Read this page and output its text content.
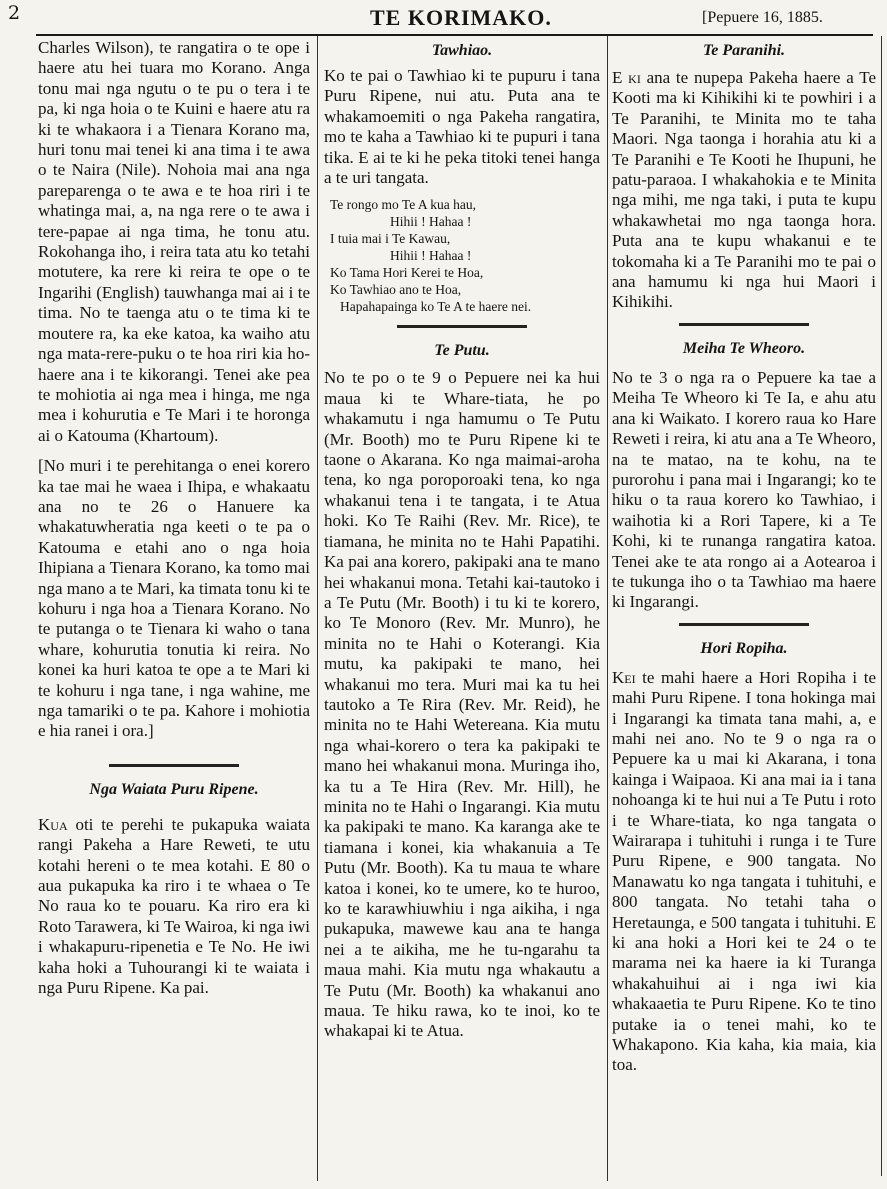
2	TE KORIMAKO.	[Pepuere 16, 1885.

Charles Wilson), te rangatira o te ope i haere atu hei tuara mo Korano. Anga tonu mai nga ngutu o te pu o tera i te pa, ki nga hoia o te Kuini e haere atu ra ki te whakaora i a Tienara Korano ma, huri tonu mai tenei ki ana tima i te awa o te Naira (Nile). Nohoia mai ana nga pareparenga o te awa e te hoa riri i te whatinga mai, a, na nga rere o te awa i tere-papae ai nga tima, he tonu atu. Rokohanga iho, i reira tata atu ko tetahi motutere, ka rere ki reira te ope o te Ingarihi (English) tauwhanga mai ai i te tima. No te taenga atu o te tima ki te moutere ra, ka eke katoa, ka waiho atu nga mata-rere-puku o te hoa riri kia ho-haere ana i te kikorangi. Tenei ake pea te mohiotia ai nga mea i hinga, me nga mea i kohurutia e Te Mari i te horonga ai o Katouma (Khartoum).

[No muri i te perehitanga o enei korero ka tae mai he waea i Ihipa, e whakaatu ana no te 26 o Hanuere ka whakatuwheratia nga keeti o te pa o Katouma e etahi ano o nga hoia Ihipiana a Tienara Korano, ka tomo mai nga mano a te Mari, ka timata tonu ki te kohuru i nga hoa a Tienara Korano. No te putanga o te Tienara ki waho o tana whare, kohurutia tonutia ki reira. No konei ka huri katoa te ope a te Mari ki te kohuru i nga tane, i nga wahine, me nga tamariki o te pa. Kahore i mohiotia e hia ranei i ora.]

Nga Waiata Puru Ripene.

Kua oti te perehi te pukapuka waiata rangi Pakeha a Hare Reweti, te utu kotahi hereni o te mea kotahi. E 80 o aua pukapuka ka riro i te whaea o Te No raua ko te pouaru. Ka riro era ki Roto Tarawera, ki Te Wairoa, ki nga iwi i whakapuru-ripenetia e Te No. He iwi kaha hoki a Tuhourangi ki te waiata i nga Puru Ripene. Ka pai.

Tawhiao.

Ko te pai o Tawhiao ki te pupuru i tana Puru Ripene, nui atu. Puta ana te whakamoemiti o nga Pakeha rangatira, mo te kaha a Tawhiao ki te pupuri i tana tika. E ai te ki he peka titoki tenei hanga a te uri tangata.

Te rongo mo Te A kua hau,
Hihii ! Hahaa !
I tuia mai i Te Kawau,
Hihii ! Hahaa !
Ko Tama Hori Kerei te Hoa,
Ko Tawhiao ano te Hoa,
Hapahapainga ko Te A te haere nei.
Te Putu.

No te po o te 9 o Pepuere nei ka hui maua ki te Whare-tiata, he po whakamutu i nga hamumu o Te Putu (Mr. Booth) mo te Puru Ripene ki te taone o Akarana. Ko nga maimai-aroha tena, ko nga poroporoaki tena, ko nga whakanui tena i te tangata, i te Atua hoki. Ko Te Raihi (Rev. Mr. Rice), te tiamana, he minita no te Hahi Papatihi. Ka pai ana korero, pakipaki ana te mano hei whakanui mona. Tetahi kai-tautoko i a Te Putu (Mr. Booth) i tu ki te korero, ko Te Monoro (Rev. Mr. Munro), he minita no te Hahi o Koterangi. Kia mutu, ka pakipaki te mano, hei whakanui mo tera. Muri mai ka tu hei tautoko a Te Rira (Rev. Mr. Reid), he minita no te Hahi Wetereana. Kia mutu nga whai-korero o tera ka pakipaki te mano hei whakanui mona. Muringa iho, ka tu a Te Hira (Rev. Mr. Hill), he minita no te Hahi o Ingarangi. Kia mutu ka pakipaki te mano. Ka karanga ake te tiamana i konei, kia whakanuia a Te Putu (Mr. Booth). Ka tu maua te whare katoa i konei, ko te umere, ko te huroo, ko te karawhiuwhiu i nga aikiha, i nga pukapuka, mawewe kau ana te hanga nei a te aikiha, me he tu-ngarahu ta maua mahi. Kia mutu nga whakautu a Te Putu (Mr. Booth) ka whakanui ano maua. Te hiku rawa, ko te inoi, ko te whakapai ki te Atua.

Te Paranihi.

E ki ana te nupepa Pakeha haere a Te Kooti ma ki Kihikihi ki te powhiri i a Te Paranihi, te Minita mo te taha Maori. Nga taonga i horahia atu ki a Te Paranihi e Te Kooti he Ihupuni, he patu-paraoa. I whakahokia e te Minita nga mihi, me nga taki, i puta te kupu whakawhetai mo nga taonga hora. Puta ana te kupu whakanui e te tokomaha ki a Te Paranihi mo te pai o ana hamumu ki nga hui Maori i Kihikihi.

Meiha Te Wheoro.

No te 3 o nga ra o Pepuere ka tae a Meiha Te Wheoro ki Te Ia, e ahu atu ana ki Waikato. I korero raua ko Hare Reweti i reira, ki atu ana a Te Wheoro, na te matao, na te kohu, na te purorohu i pana mai i Ingarangi; ko te hiku o ta raua korero ko Tawhiao, i waihotia ki a Rori Tapere, ki a Te Kohi, ki te runanga rangatira katoa. Tenei ake te ata rongo ai a Aotearoa i te tukunga iho o ta Tawhiao ma haere ki Ingarangi.

Hori Ropiha.

Kei te mahi haere a Hori Ropiha i te mahi Puru Ripene. I tona hokinga mai i Ingarangi ka timata tana mahi, a, e mahi nei ano. No te 9 o nga ra o Pepuere ka u mai ki Akarana, i tona kainga i Waipaoa. Ki ana mai ia i tana nohoanga ki te hui nui a Te Putu i roto i te Whare-tiata, ko nga tangata o Wairarapa i tuhituhi i runga i te Ture Puru Ripene, e 900 tangata. No Manawatu ko nga tangata i tuhituhi, e 800 tangata. No tetahi taha o Heretaunga, e 500 tangata i tuhituhi. E ki ana hoki a Hori kei te 24 o te marama nei ka haere ia ki Turanga whakahuihui ai i nga iwi kia whakaaetia te Puru Ripene. Ko te tino putake ia o tenei mahi, ko te Whakapono. Kia kaha, kia maia, kia toa.
